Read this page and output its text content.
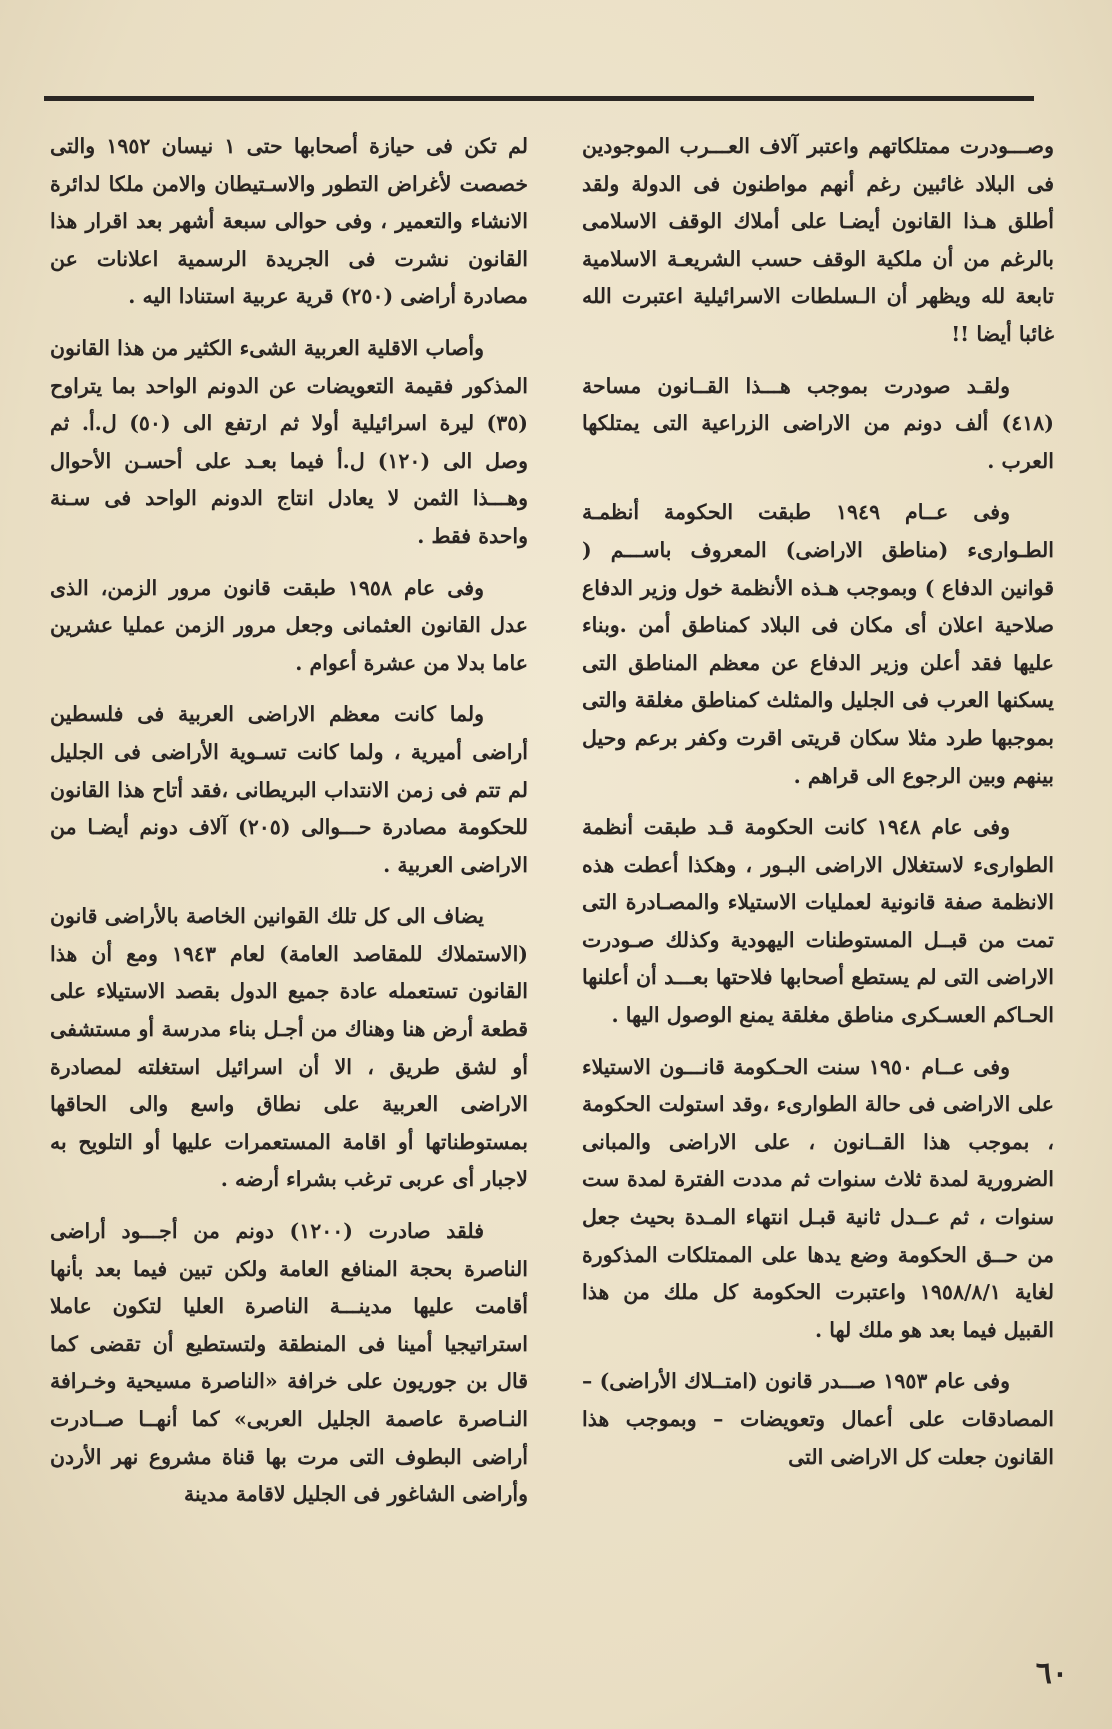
وصـــودرت ممتلكاتهم واعتبر آلاف العـــرب الموجودين فى البلاد غائبين رغم أنهم مواطنون فى الدولة ولقد أطلق هـذا القانون أيضـا على أملاك الوقف الاسلامى بالرغم من أن ملكية الوقف حسب الشريعـة الاسلامية تابعة لله ويظهر أن الـسلطات الاسرائيلية اعتبرت الله غائبا أيضا !!

ولقـد صودرت بموجب هـــذا القــانون مساحة (٤١٨) ألف دونم من الاراضى الزراعية التى يمتلكها العرب .

وفى عــام ١٩٤٩ طبقت الحكومة أنظمـة الطـوارىء (مناطق الاراضى) المعروف باســـم ( قوانين الدفاع ) وبموجب هـذه الأنظمة خول وزير الدفاع صلاحية اعلان أى مكان فى البلاد كمناطق أمن .وبناء عليها فقد أعلن وزير الدفاع عن معظم المناطق التى يسكنها العرب فى الجليل والمثلث كمناطق مغلقة والتى بموجبها طرد مثلا سكان قريتى اقرت وكفر برعم وحيل بينهم وبين الرجوع الى قراهم .

وفى عام ١٩٤٨ كانت الحكومة قـد طبقت أنظمة الطوارىء لاستغلال الاراضى البـور ، وهكذا أعطت هذه الانظمة صفة قانونية لعمليات الاستيلاء والمصـادرة التى تمت من قبــل المستوطنات اليهودية وكذلك صـودرت الاراضى التى لم يستطع أصحابها فلاحتها بعـــد أن أعلنها الحـاكم العسـكرى مناطق مغلقة يمنع الوصول اليها .

وفى عــام ١٩٥٠ سنت الحـكومة قانـــون الاستيلاء على الاراضى فى حالة الطوارىء ،وقد استولت الحكومة ، بموجب هذا القــانون ، على الاراضى والمبانى الضرورية لمدة ثلاث سنوات ثم مددت الفترة لمدة ست سنوات ، ثم عــدل ثانية قبـل انتهاء المـدة بحيث جعل من حــق الحكومة وضع يدها على الممتلكات المذكورة لغاية ١٩٥٨/٨/١ واعتبرت الحكومة كل ملك من هذا القبيل فيما بعد هو ملك لها .

وفى عام ١٩٥٣ صـــدر قانون (امتــلاك الأراضى) – المصادقات على أعمال وتعويضات – وبموجب هذا القانون جعلت كل الاراضى التى

لم تكن فى حيازة أصحابها حتى ١ نيسان ١٩٥٢ والتى خصصت لأغراض التطور والاسـتيطان والامن ملكا لدائرة الانشاء والتعمير ، وفى حوالى سبعة أشهر بعد اقرار هذا القانون نشرت فى الجريدة الرسمية اعلانات عن مصادرة أراضى (٢٥٠) قرية عربية استنادا اليه .

وأصاب الاقلية العربية الشىء الكثير من هذا القانون المذكور فقيمة التعويضات عن الدونم الواحد بما يتراوح (٣٥) ليرة اسرائيلية أولا ثم ارتفع الى (٥٠) ل.أ. ثم وصل الى (١٢٠) ل.أ فيما بعـد على أحسـن الأحوال وهـــذا الثمن لا يعادل انتاج الدونم الواحد فى سـنة واحدة فقط .

وفى عام ١٩٥٨ طبقت قانون مرور الزمن، الذى عدل القانون العثمانى وجعل مرور الزمن عمليا عشرين عاما بدلا من عشرة أعوام .

ولما كانت معظم الاراضى العربية فى فلسطين أراضى أميرية ، ولما كانت تسـوية الأراضى فى الجليل لم تتم فى زمن الانتداب البريطانى ،فقد أتاح هذا القانون للحكومة مصادرة حـــوالى (٢٠٥) آلاف دونم أيضـا من الاراضى العربية .

يضاف الى كل تلك القوانين الخاصة بالأراضى قانون (الاستملاك للمقاصد العامة) لعام ١٩٤٣ ومع أن هذا القانون تستعمله عادة جميع الدول بقصد الاستيلاء على قطعة أرض هنا وهناك من أجـل بناء مدرسة أو مستشفى أو لشق طريق ، الا أن اسرائيل استغلته لمصادرة الاراضى العربية على نطاق واسع والى الحاقها بمستوطناتها أو اقامة المستعمرات عليها أو التلويح به لاجبار أى عربى ترغب بشراء أرضه .

فلقد صادرت (١٢٠٠) دونم من أجـــود أراضى الناصرة بحجة المنافع العامة ولكن تبين فيما بعد بأنها أقامت عليها مدينـــة الناصرة العليا لتكون عاملا استراتيجيا أمينا فى المنطقة ولتستطيع أن تقضى كما قال بن جوريون على خرافة «الناصرة مسيحية وخـرافة النـاصرة عاصمة الجليل العربى» كما أنهــا صــادرت أراضى البطوف التى مرت بها قناة مشروع نهر الأردن وأراضى الشاغور فى الجليل لاقامة مدينة

٦٠
